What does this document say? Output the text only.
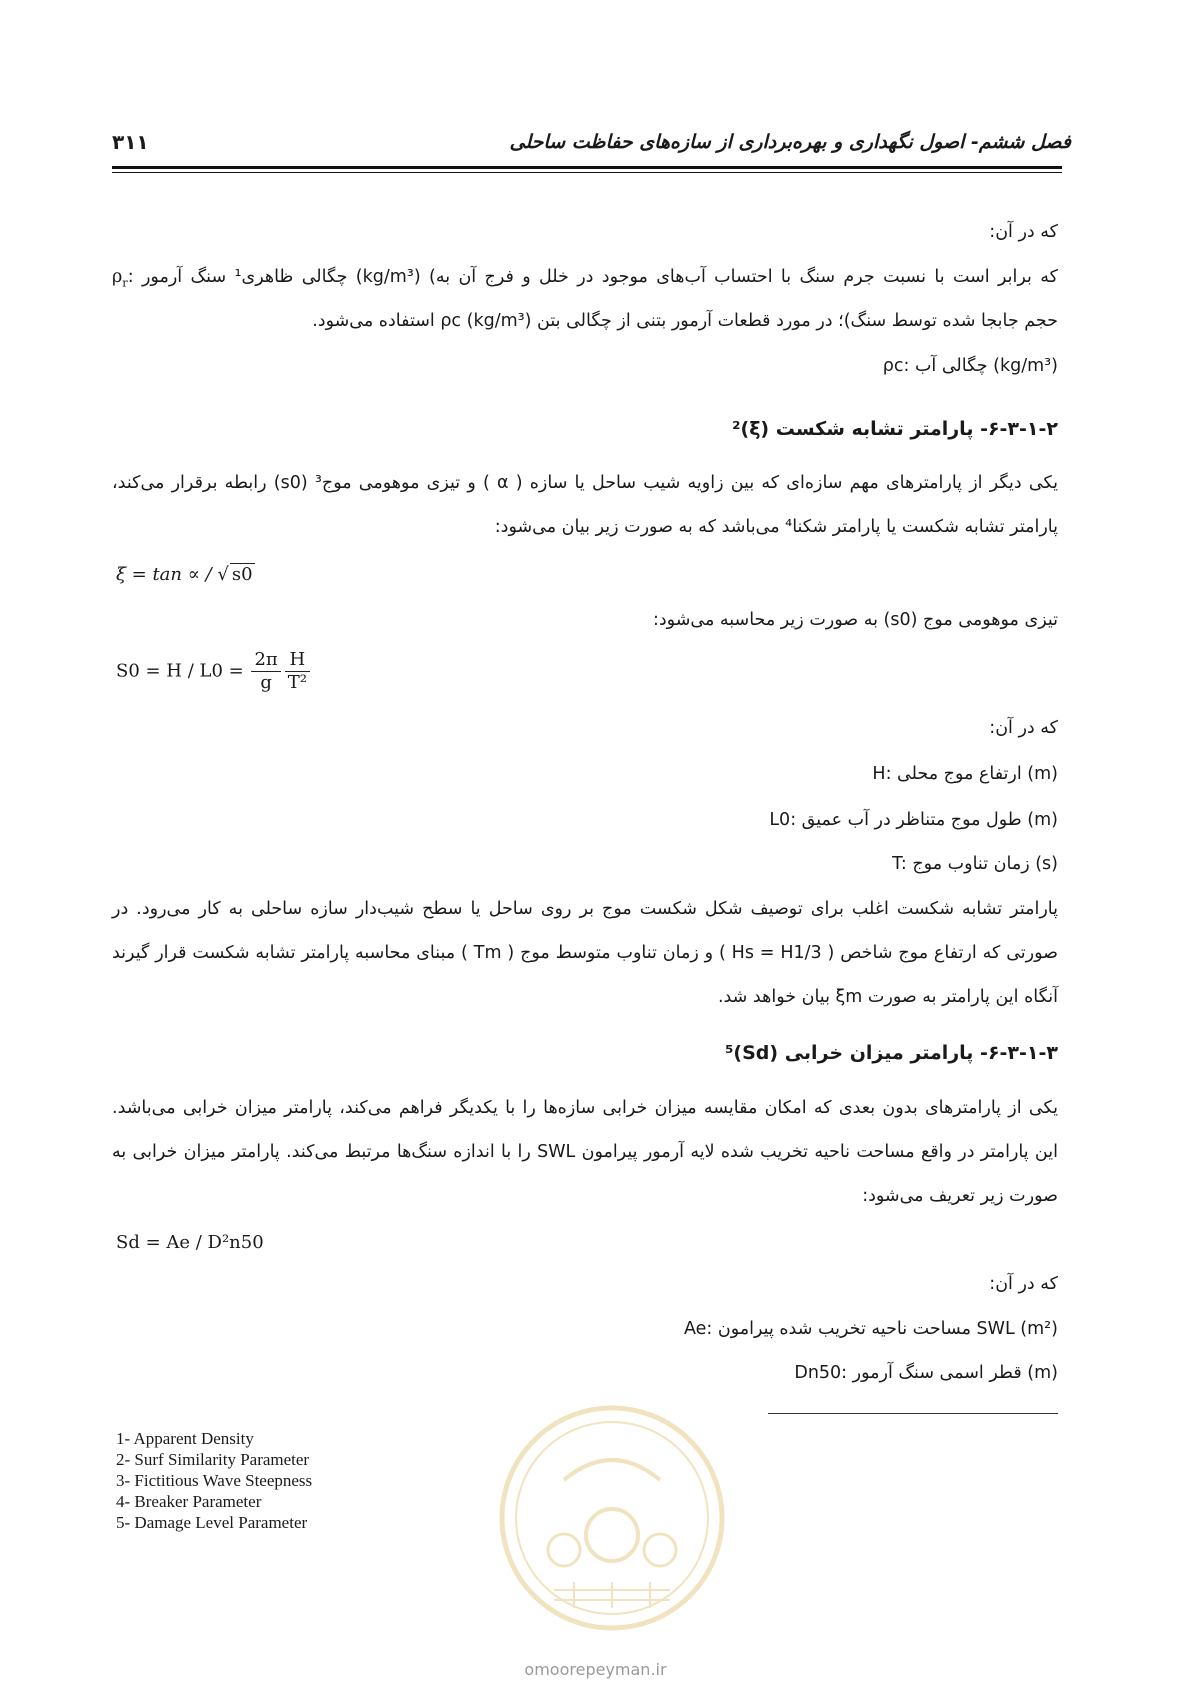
فصل ششم- اصول نگهداری و بهره‌برداری از سازه‌های حفاظت ساحلی
۳۱۱
که در آن:
$\rho_r$: چگالی ظاهری¹ سنگ آرمور (kg/m³) (که برابر است با نسبت جرم سنگ با احتساب آب‌های موجود در خلل و فرج آن به
حجم جابجا شده توسط سنگ)؛ در مورد قطعات آرمور بتنی از چگالی بتن (kg/m³) ρc استفاده می‌شود.
ρc: چگالی آب (kg/m³)
۶-۳-۱-۲- پارامتر تشابه شکست (ξ)²
یکی دیگر از پارامترهای مهم سازه‌ای که بین زاویه شیب ساحل یا سازه ( α ) و تیزی موهومی موج³ (s0) رابطه برقرار می‌کند،
پارامتر تشابه شکست یا پارامتر شکنا⁴ می‌باشد که به صورت زیر بیان می‌شود:
ξ = tan ∝ / √ s0
تیزی موهومی موج (s0) به صورت زیر محاسبه می‌شود:
$S0 = H / L0 = \frac{2\pi}{g} \frac{H}{\text{T²}}$
که در آن:
H: ارتفاع موج محلی (m)
L0: طول موج متناظر در آب عمیق (m)
T: زمان تناوب موج (s)
پارامتر تشابه شکست اغلب برای توصیف شکل شکست موج بر روی ساحل یا سطح شیب‌دار سازه ساحلی به کار می‌رود. در
صورتی که ارتفاع موج شاخص ( Hs = H1/3 ) و زمان تناوب متوسط موج ( Tm ) مبنای محاسبه پارامتر تشابه شکست قرار گیرند
آنگاه این پارامتر به صورت ξm بیان خواهد شد.
۶-۳-۱-۳- پارامتر میزان خرابی (Sd)⁵
یکی از پارامترهای بدون بعدی که امکان مقایسه میزان خرابی سازه‌ها را با یکدیگر فراهم می‌کند، پارامتر میزان خرابی می‌باشد.
این پارامتر در واقع مساحت ناحیه تخریب شده لایه آرمور پیرامون SWL را با اندازه سنگ‌ها مرتبط می‌کند. پارامتر میزان خرابی به
صورت زیر تعریف می‌شود:
Sd = Ae / D²n50
که در آن:
Ae: مساحت ناحیه تخریب شده پیرامون SWL (m²)
Dn50: قطر اسمی سنگ آرمور (m)
1- Apparent Density
2- Surf Similarity Parameter
3- Fictitious Wave Steepness
4- Breaker Parameter
5- Damage Level Parameter
omoorepeyman.ir
